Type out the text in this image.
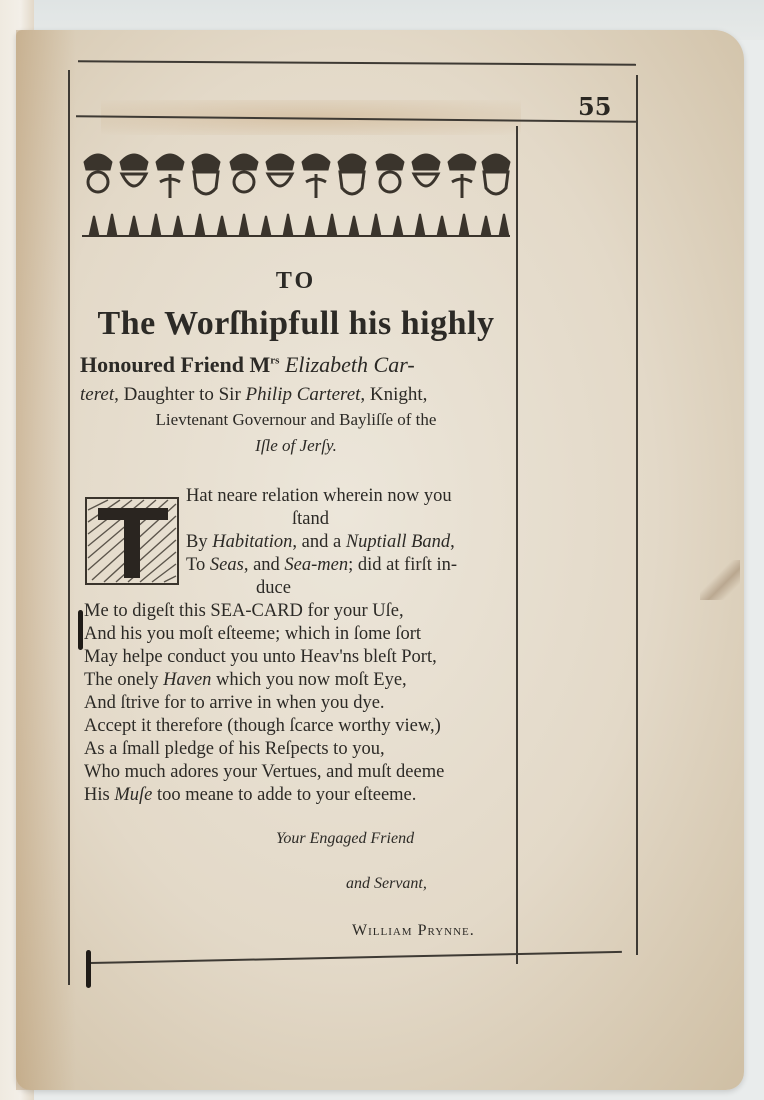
55
TO
The Worſhipfull his highly
Honoured Friend $M^{rs}$ Elizabeth Car-
teret, Daughter to Sir Philip Carteret, Knight,
Lievtenant Governour and Bayliſſe of the
Iſle of Jerſy.
Hat neare relation wherein now you
ſtand
By Habitation, and a Nuptiall Band,
To Seas, and Sea-men; did at firſt in-
duce
Me to digeſt this SEA-CARD for your Uſe,
And his you moſt eſteeme; which in ſome ſort
May helpe conduct you unto Heav'ns bleſt Port,
The onely Haven which you now moſt Eye,
And ſtrive for to arrive in when you dye.
Accept it therefore (though ſcarce worthy view,)
As a ſmall pledge of his Reſpects to you,
Who much adores your Vertues, and muſt deeme
His Muſe too meane to adde to your eſteeme.
Your Engaged Friend
and Servant,
William Prynne.
